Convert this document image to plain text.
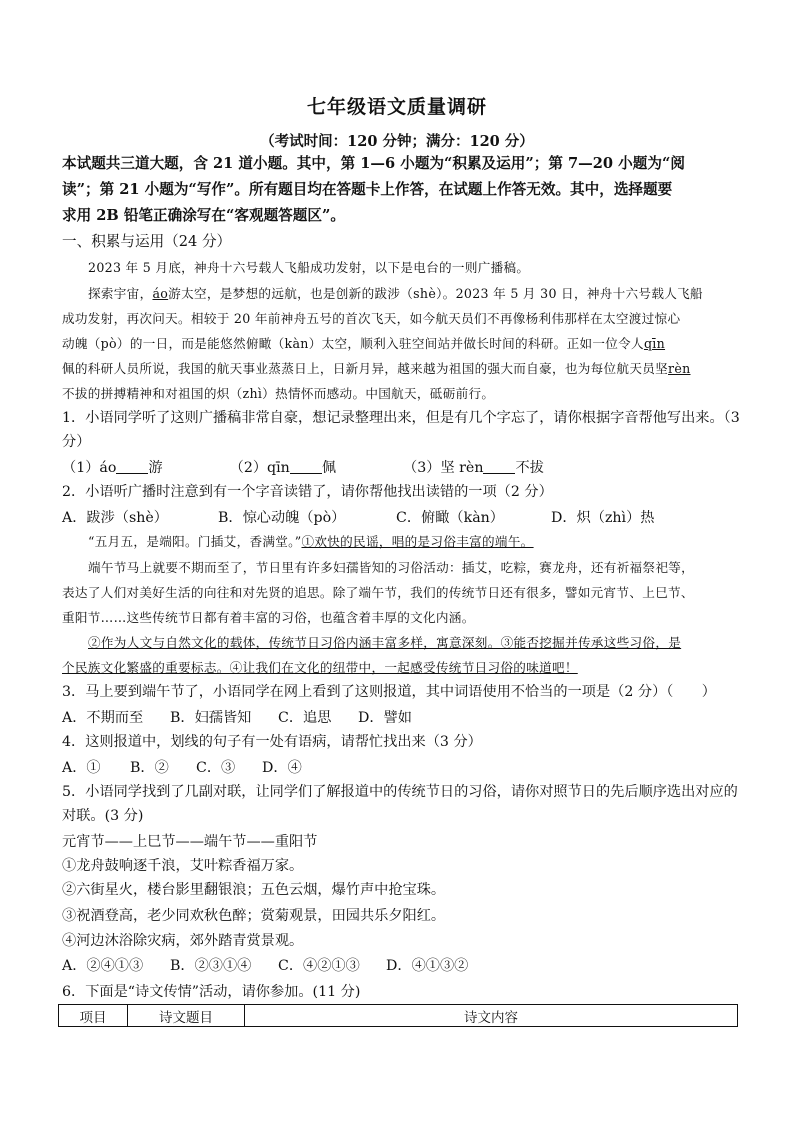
七年级语文质量调研
（考试时间：120 分钟；满分：120 分）
本试题共三道大题，含 21 道小题。其中，第 1—6 小题为“积累及运用”；第 7—20 小题为“阅
读”；第 21 小题为“写作”。所有题目均在答题卡上作答，在试题上作答无效。其中，选择题要
求用 2B 铅笔正确涂写在“客观题答题区”。
一、积累与运用（24 分）
2023 年 5 月底，神舟十六号载人飞船成功发射，以下是电台的一则广播稿。
探索宇宙，áo游太空，是梦想的远航，也是创新的跋涉（shè）。2023 年 5 月 30 日，神舟十六号载人飞船
成功发射，再次问天。相较于 20 年前神舟五号的首次飞天，如今航天员们不再像杨利伟那样在太空渡过惊心
动魄（pò）的一日，而是能悠然俯瞰（kàn）太空，顺利入驻空间站并做长时间的科研。正如一位令人qīn
佩的科研人员所说，我国的航天事业蒸蒸日上，日新月异，越来越为祖国的强大而自豪，也为每位航天员坚rèn
不拔的拼搏精神和对祖国的炽（zhì）热情怀而感动。中国航天，砥砺前行。
1．小语同学听了这则广播稿非常自豪，想记录整理出来，但是有几个字忘了，请你根据字音帮他写出来。（3
分）
（1）áo 游	（2）qīn 佩	（3）坚 rèn 不拔
2．小语听广播时注意到有一个字音读错了，请你帮他找出读错的一项（2 分）
A．跋涉（shè）	B．惊心动魄（pò）	C．俯瞰（kàn）	D．炽（zhì）热
“五月五，是端阳。门插艾，香满堂。”①欢快的民谣，唱的是习俗丰富的端午。
端午节马上就要不期而至了，节日里有许多妇孺皆知的习俗活动：插艾，吃粽，赛龙舟，还有祈福祭祀等，
表达了人们对美好生活的向往和对先贤的追思。除了端午节，我们的传统节日还有很多，譬如元宵节、上巳节、
重阳节……这些传统节日都有着丰富的习俗，也蕴含着丰厚的文化内涵。
②作为人文与自然文化的载体，传统节日习俗内涵丰富多样，寓意深刻。③能否挖掘并传承这些习俗，是
个民族文化繁盛的重要标志。④让我们在文化的纽带中，一起感受传统节日习俗的味道吧！
3．马上要到端午节了，小语同学在网上看到了这则报道，其中词语使用不恰当的一项是（2 分）（　　）
A．不期而至 B．妇孺皆知 C．追思 D．譬如
4．这则报道中，划线的句子有一处有语病，请帮忙找出来（3 分）
A．① B．② C．③ D．④
5．小语同学找到了几副对联，让同学们了解报道中的传统节日的习俗，请你对照节日的先后顺序选出对应的
对联。(3 分)
元宵节——上巳节——端午节——重阳节
①龙舟鼓响逐千浪，艾叶粽香福万家。
②六街星火，楼台影里翻银浪；五色云烟，爆竹声中抢宝珠。
③祝酒登高，老少同欢秋色醉；赏菊观景，田园共乐夕阳红。
④河边沐浴除灾病，郊外踏青赏景观。
A．②④①③ B．②③①④ C．④②①③ D．④①③②
6．下面是“诗文传情”活动，请你参加。(11 分)
项目	诗文题目	诗文内容
